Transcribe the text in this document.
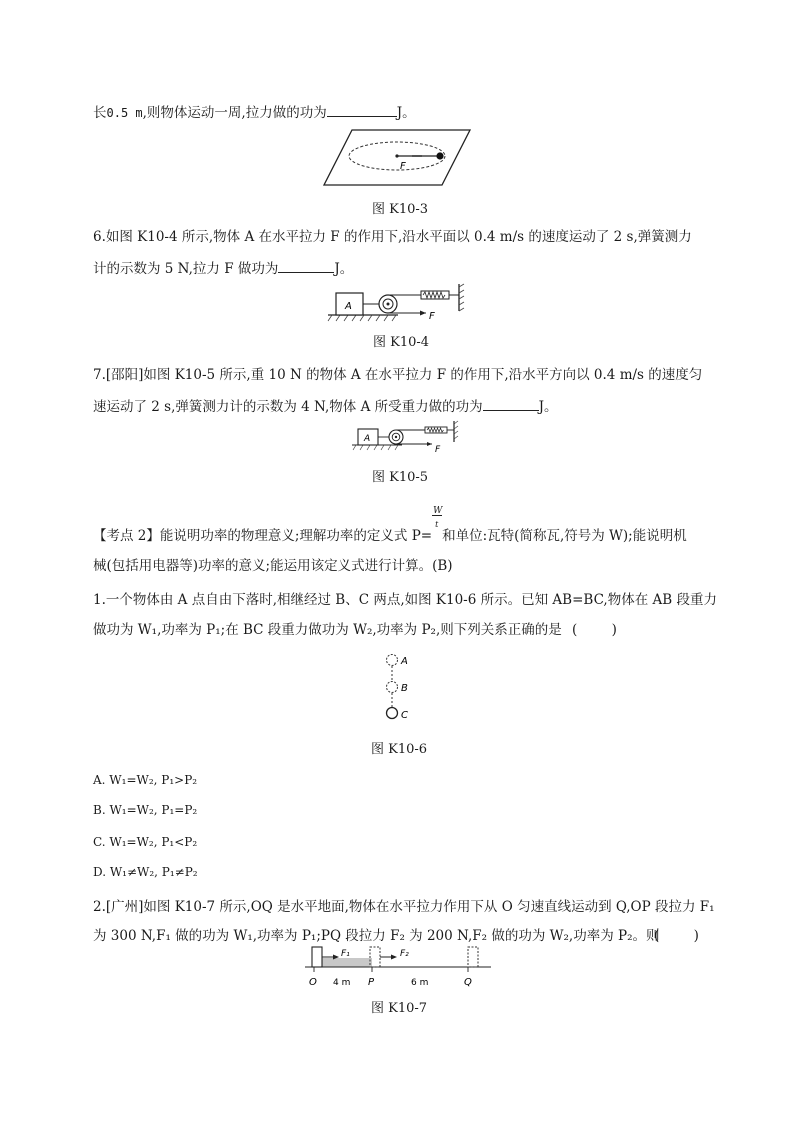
长0.5 m,则物体运动一周,拉力做的功为	J。
F
图 K10-3
6.如图 K10-4 所示,物体 A 在水平拉力 F 的作用下,沿水平面以 0.4 m/s 的速度运动了 2 s,弹簧测力
计的示数为 5 N,拉力 F 做功为	J。
A
F
图 K10-4
7.[邵阳]如图 K10-5 所示,重 10 N 的物体 A 在水平拉力 F 的作用下,沿水平方向以 0.4 m/s 的速度匀
速运动了 2 s,弹簧测力计的示数为 4 N,物体 A 所受重力做的功为	J。
A
F
图 K10-5
【考点 2】能说明功率的物理意义;理解功率的定义式 $P= \frac{W}{t}$ 和单位:瓦特(简称瓦,符号为 W);能说明机
械(包括用电器等)功率的意义;能运用该定义式进行计算。(B)
1.一个物体由 A 点自由下落时,相继经过 B、C 两点,如图 K10-6 所示。已知 AB=BC,物体在 AB 段重力
做功为 W₁,功率为 P₁;在 BC 段重力做功为 W₂,功率为 P₂,则下列关系正确的是 (        )
A
B
C
图 K10-6
A. W₁=W₂, P₁>P₂
B. W₁=W₂, P₁=P₂
C. W₁=W₂, P₁<P₂
D. W₁≠W₂, P₁≠P₂
2.[广州]如图 K10-7 所示,OQ 是水平地面,物体在水平拉力作用下从 O 匀速直线运动到 Q,OP 段拉力 F₁
为 300 N,F₁ 做的功为 W₁,功率为 P₁;PQ 段拉力 F₂ 为 200 N,F₂ 做的功为 W₂,功率为 P₂。则
(        )
F₁	F₂
O 4 m P	6 m	Q
图 K10-7
